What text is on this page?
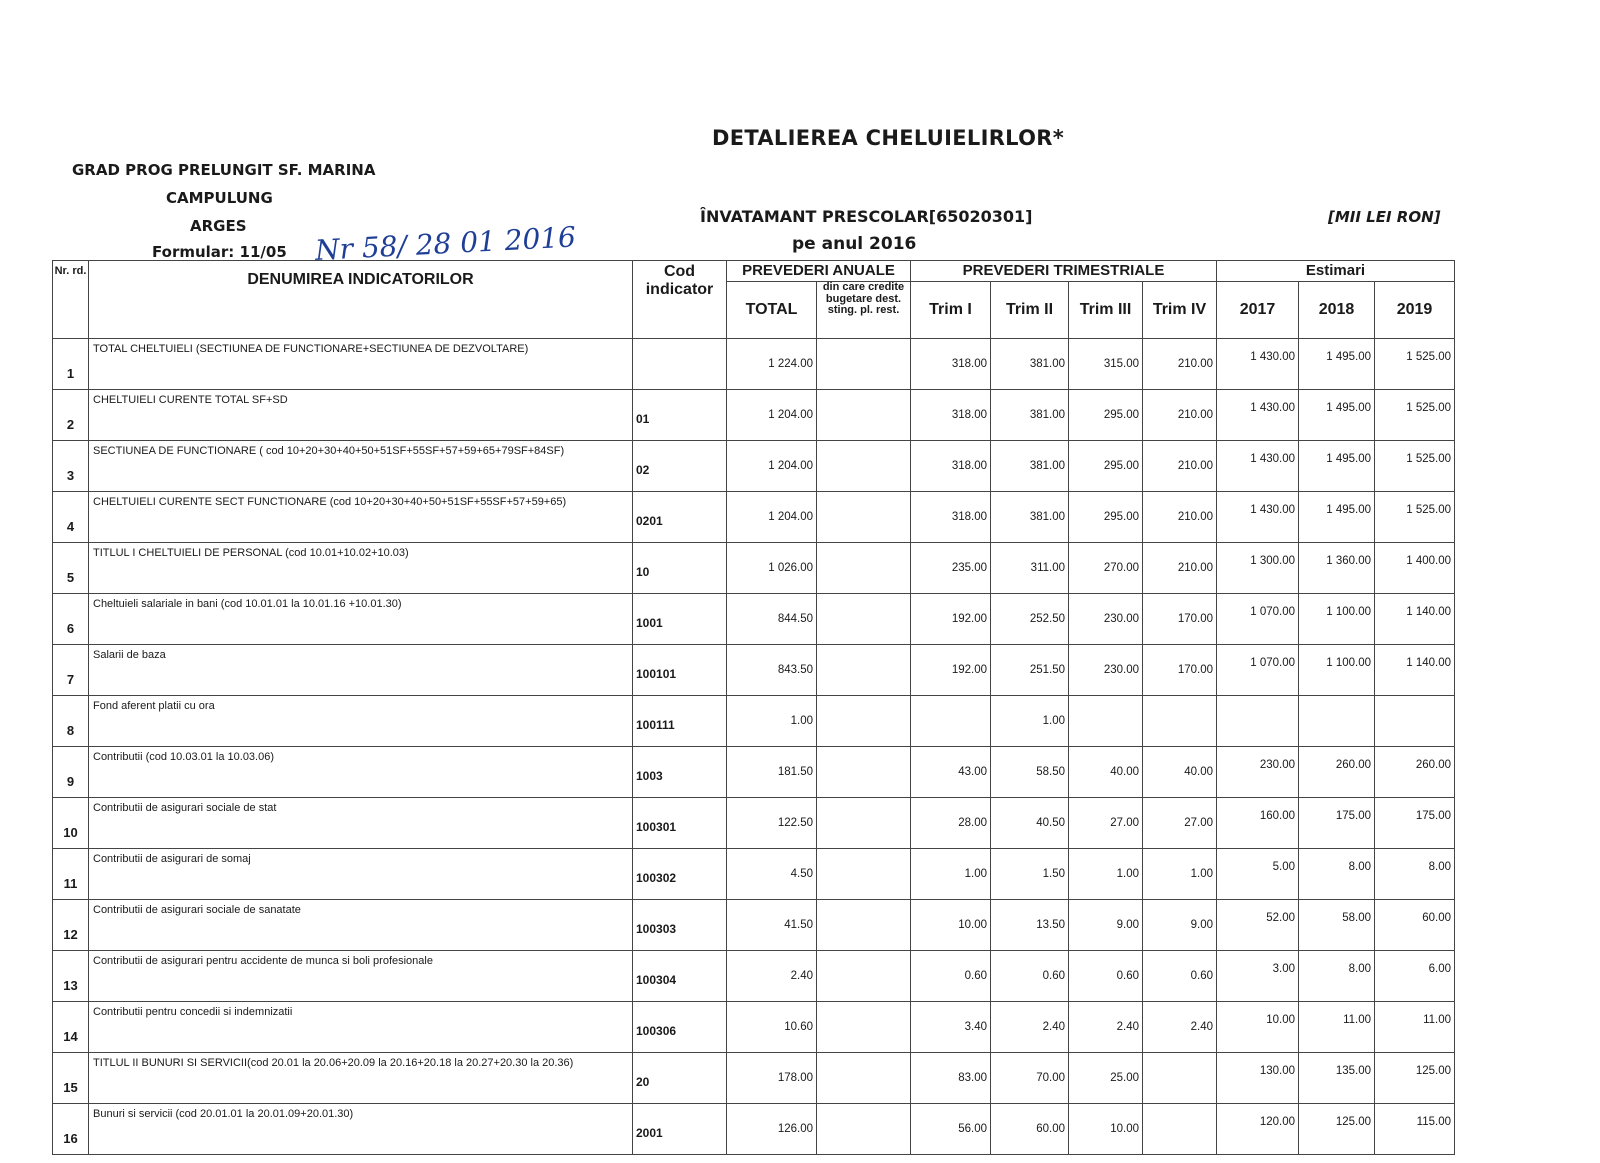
DETALIEREA CHELUIELIRLOR*
GRAD PROG PRELUNGIT SF. MARINA
CAMPULUNG
ARGES
Formular: 11/05 Nr 58/ 28 01 2016
ÎNVATAMANT PRESCOLAR[65020301]
pe anul 2016
[MII LEI RON]
Nr. rd.	DENUMIREA INDICATORILOR	Cod indicator	PREVEDERI ANUALE		PREVEDERI TRIMESTRIALE				Estimari		
			TOTAL	din care credite bugetare dest. sting. pl. rest.	Trim I	Trim II	Trim III	Trim IV	2017	2018	2019
1	TOTAL CHELTUIELI (SECTIUNEA DE FUNCTIONARE+SECTIUNEA DE DEZVOLTARE)		1 224.00		318.00	381.00	315.00	210.00	1 430.00	1 495.00	1 525.00
2	CHELTUIELI CURENTE TOTAL SF+SD	01	1 204.00		318.00	381.00	295.00	210.00	1 430.00	1 495.00	1 525.00
3	SECTIUNEA DE FUNCTIONARE ( cod 10+20+30+40+50+51SF+55SF+57+59+65+79SF+84SF)	02	1 204.00		318.00	381.00	295.00	210.00	1 430.00	1 495.00	1 525.00
4	CHELTUIELI CURENTE SECT FUNCTIONARE (cod 10+20+30+40+50+51SF+55SF+57+59+65)	0201	1 204.00		318.00	381.00	295.00	210.00	1 430.00	1 495.00	1 525.00
5	TITLUL I CHELTUIELI DE PERSONAL (cod 10.01+10.02+10.03)	10	1 026.00		235.00	311.00	270.00	210.00	1 300.00	1 360.00	1 400.00
6	Cheltuieli salariale in bani (cod 10.01.01 la 10.01.16 +10.01.30)	1001	844.50		192.00	252.50	230.00	170.00	1 070.00	1 100.00	1 140.00
7	Salarii de baza	100101	843.50		192.00	251.50	230.00	170.00	1 070.00	1 100.00	1 140.00
8	Fond aferent platii cu ora	100111	1.00			1.00					
9	Contributii (cod 10.03.01 la 10.03.06)	1003	181.50		43.00	58.50	40.00	40.00	230.00	260.00	260.00
10	Contributii de asigurari sociale de stat	100301	122.50		28.00	40.50	27.00	27.00	160.00	175.00	175.00
11	Contributii de asigurari de somaj	100302	4.50		1.00	1.50	1.00	1.00	5.00	8.00	8.00
12	Contributii de asigurari sociale de sanatate	100303	41.50		10.00	13.50	9.00	9.00	52.00	58.00	60.00
13	Contributii de asigurari pentru accidente de munca si boli profesionale	100304	2.40		0.60	0.60	0.60	0.60	3.00	8.00	6.00
14	Contributii pentru concedii si indemnizatii	100306	10.60		3.40	2.40	2.40	2.40	10.00	11.00	11.00
15	TITLUL II BUNURI SI SERVICII(cod 20.01 la 20.06+20.09 la 20.16+20.18 la 20.27+20.30 la 20.36)	20	178.00		83.00	70.00	25.00		130.00	135.00	125.00
16	Bunuri si servicii (cod 20.01.01 la 20.01.09+20.01.30)	2001	126.00		56.00	60.00	10.00		120.00	125.00	115.00
